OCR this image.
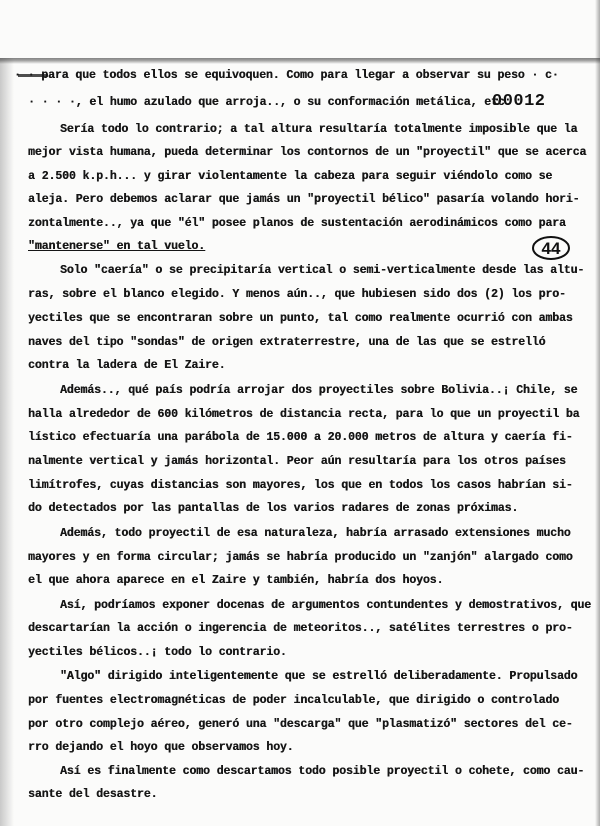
00012
44
· · para que todos ellos se equivoquen. Como para llegar a observar su peso · c·
· · · ·, el humo azulado que arroja.., o su conformación metálica, etc
Sería todo lo contrario; a tal altura resultaría totalmente imposible que la
mejor vista humana, pueda determinar los contornos de un "proyectil" que se acerca
a 2.500 k.p.h... y girar violentamente la cabeza para seguir viéndolo como se
aleja. Pero debemos aclarar que jamás un "proyectil bélico" pasaría volando hori-
zontalmente.., ya que "él" posee planos de sustentación aerodinámicos como para
"mantenerse" en tal vuelo.
Solo "caería" o se precipitaría vertical o semi-verticalmente desde las altu-
ras, sobre el blanco elegido. Y menos aún.., que hubiesen sido dos (2) los pro-
yectiles que se encontraran sobre un punto, tal como realmente ocurrió con ambas
naves del tipo "sondas" de origen extraterrestre, una de las que se estrelló
contra la ladera de El Zaire.
Además.., qué país podría arrojar dos proyectiles sobre Bolivia..¡ Chile, se
halla alrededor de 600 kilómetros de distancia recta, para lo que un proyectil ba
lístico efectuaría una parábola de 15.000 a 20.000 metros de altura y caería fi-
nalmente vertical y jamás horizontal. Peor aún resultaría para los otros países
limítrofes, cuyas distancias son mayores, los que en todos los casos habrían si-
do detectados por las pantallas de los varios radares de zonas próximas.
Además, todo proyectil de esa naturaleza, habría arrasado extensiones mucho
mayores y en forma circular; jamás se habría producido un "zanjón" alargado como
el que ahora aparece en el Zaire y también, habría dos hoyos.
Así, podríamos exponer docenas de argumentos contundentes y demostrativos, que
descartarían la acción o ingerencia de meteoritos.., satélites terrestres o pro-
yectiles bélicos..¡ todo lo contrario.
"Algo" dirigido inteligentemente que se estrelló deliberadamente. Propulsado
por fuentes electromagnéticas de poder incalculable, que dirigido o controlado
por otro complejo aéreo, generó una "descarga" que "plasmatizó" sectores del ce-
rro dejando el hoyo que observamos hoy.
Así es finalmente como descartamos todo posible proyectil o cohete, como cau-
sante del desastre.
